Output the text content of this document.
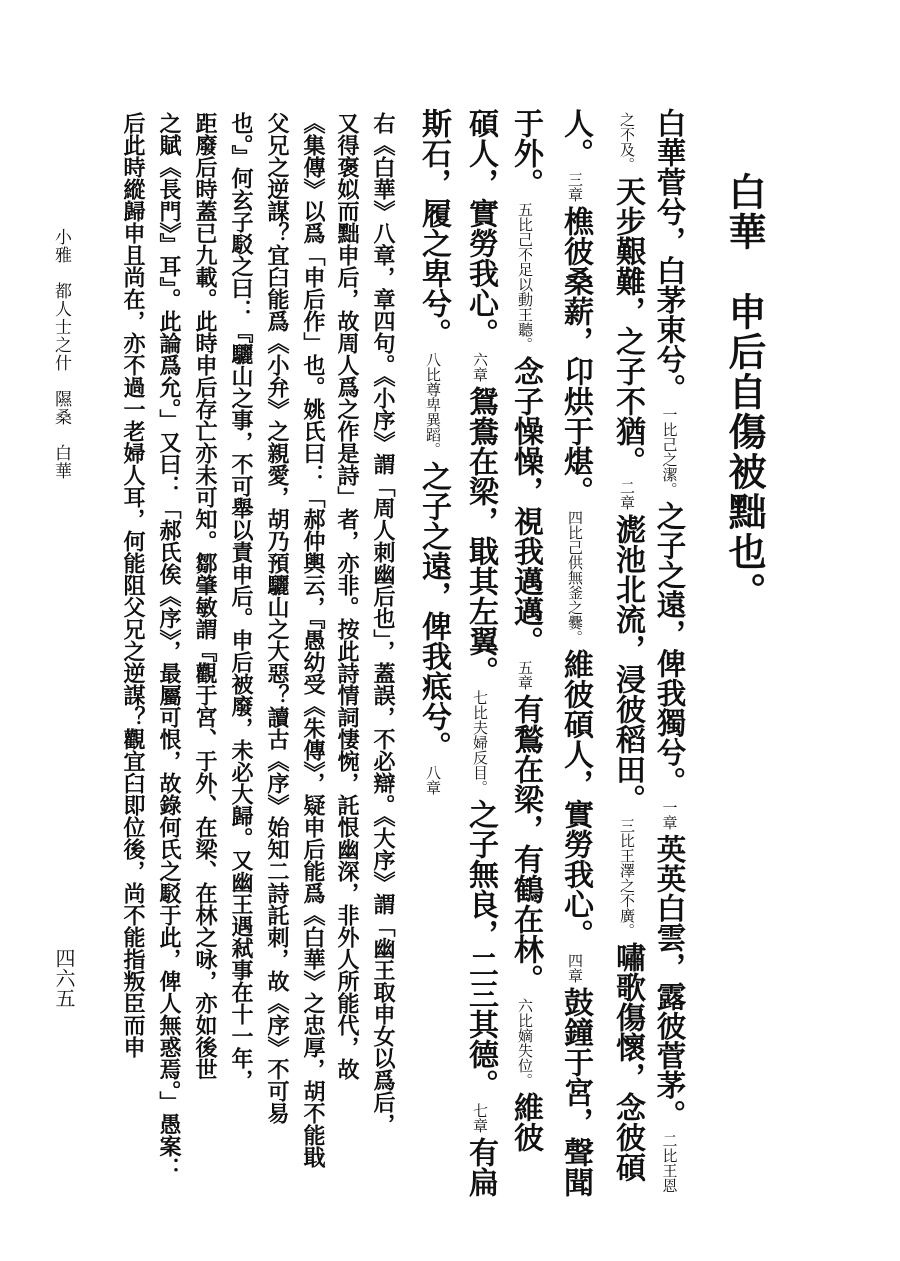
白華　申后自傷被黜也。
白華菅兮，白茅束兮。一比己之潔。之子之遠，俾我獨兮。一章英英白雲，露彼菅茅。二比王恩
之不及。天步艱難，之子不猶。二章滮池北流，浸彼稻田。三比王澤之不廣。嘯歌傷懷，念彼碩
人。三章樵彼桑薪，卬烘于煁。四比己供無釜之爨。維彼碩人，實勞我心。四章鼓鐘于宮，聲聞
于外。五比己不足以動王聽。念子懆懆，視我邁邁。五章有鶖在梁，有鶴在林。六比嫡失位。維彼
碩人，實勞我心。六章鴛鴦在梁，戢其左翼。七比夫婦反目。之子無良，二三其德。七章有扁
斯石，履之卑兮。八比尊卑異蹈。之子之遠，俾我疷兮。八章
右《白華》八章，章四句。《小序》謂「周人刺幽后也」，蓋誤，不必辯。《大序》謂「幽王取申女以爲后，
又得褒姒而黜申后，故周人爲之作是詩」者，亦非。按此詩情詞悽惋，託恨幽深，非外人所能代，故
《集傳》以爲「申后作」也。姚氏曰：「郝仲輿云，『愚幼受《朱傳》，疑申后能爲《白華》之忠厚，胡不能戢
父兄之逆謀？宜臼能爲《小弁》之親愛，胡乃預驪山之大惡？讀古《序》始知二詩託刺，故《序》不可易
也。』何玄子駁之曰：『驪山之事，不可舉以責申后。申后被廢，未必大歸。又幽王遇弒事在十一年，
距廢后時蓋已九載。此時申后存亡亦未可知。鄒肇敏謂『觀于宮、于外、在梁、在林之咏，亦如後世
之賦《長門》』耳』。此論爲允。」又曰：「郝氏俟《序》，最屬可恨，故錄何氏之駁于此，俾人無惑焉。」愚案：
后此時縱歸申且尚在，亦不過一老婦人耳，何能阻父兄之逆謀？觀宜臼即位後，尚不能指叛臣而申
小雅　都人士之什　隰桑　白華
四六五
